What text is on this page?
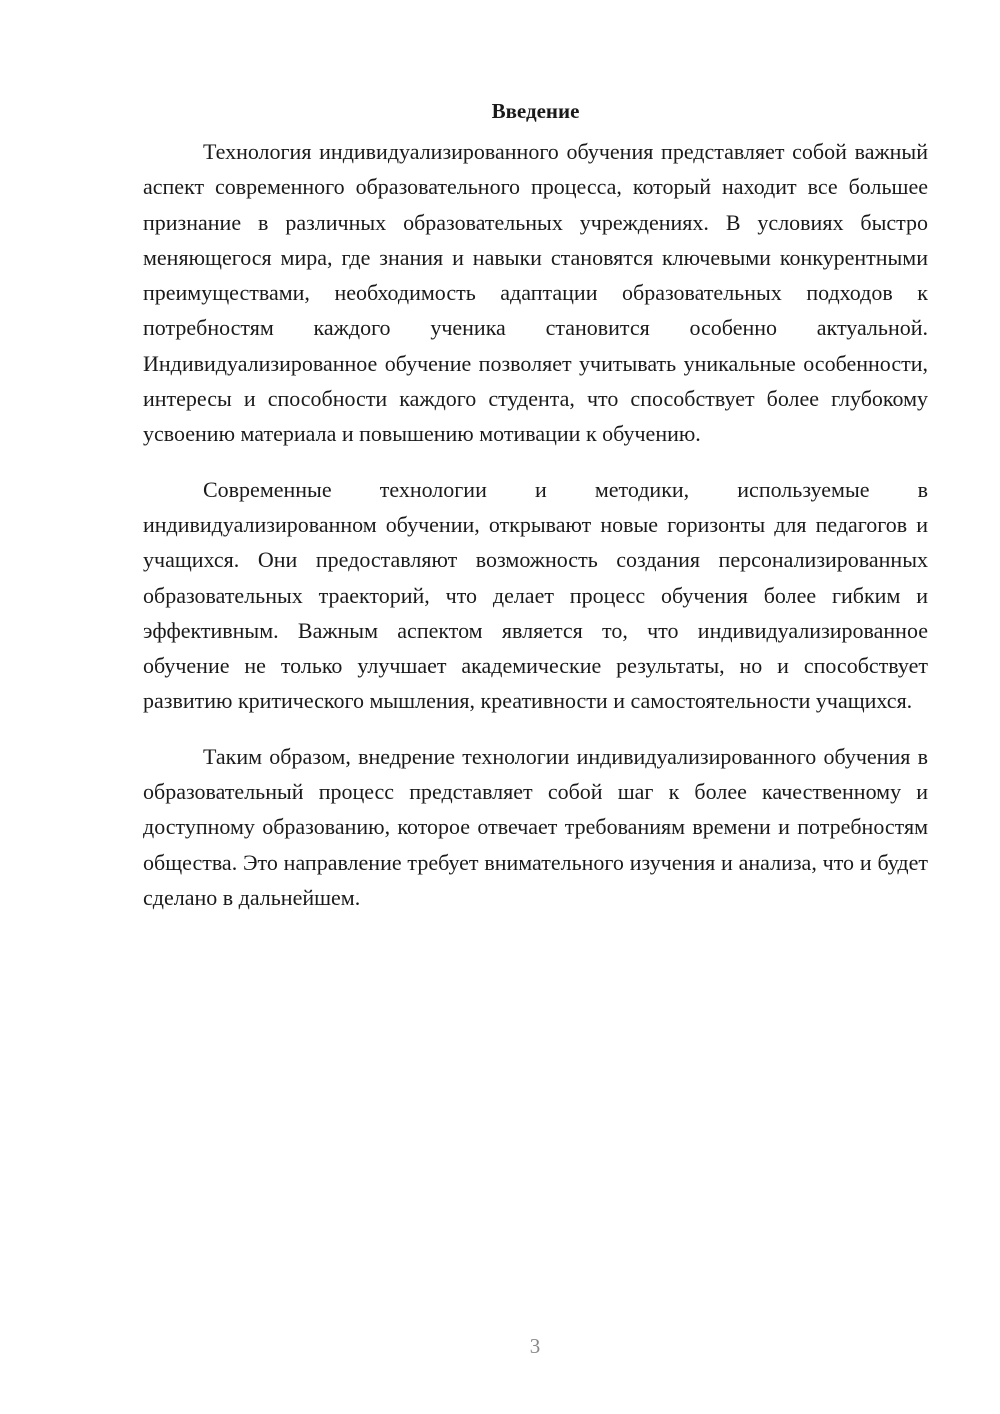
Введение

Технология индивидуализированного обучения представляет собой важный аспект современного образовательного процесса, который находит все большее признание в различных образовательных учреждениях. В условиях быстро меняющегося мира, где знания и навыки становятся ключевыми конкурентными преимуществами, необходимость адаптации образовательных подходов к потребностям каждого ученика становится особенно актуальной. Индивидуализированное обучение позволяет учитывать уникальные особенности, интересы и способности каждого студента, что способствует более глубокому усвоению материала и повышению мотивации к обучению.

Современные технологии и методики, используемые в индивидуализированном обучении, открывают новые горизонты для педагогов и учащихся. Они предоставляют возможность создания персонализированных образовательных траекторий, что делает процесс обучения более гибким и эффективным. Важным аспектом является то, что индивидуализированное обучение не только улучшает академические результаты, но и способствует развитию критического мышления, креативности и самостоятельности учащихся.

Таким образом, внедрение технологии индивидуализированного обучения в образовательный процесс представляет собой шаг к более качественному и доступному образованию, которое отвечает требованиям времени и потребностям общества. Это направление требует внимательного изучения и анализа, что и будет сделано в дальнейшем.

3
